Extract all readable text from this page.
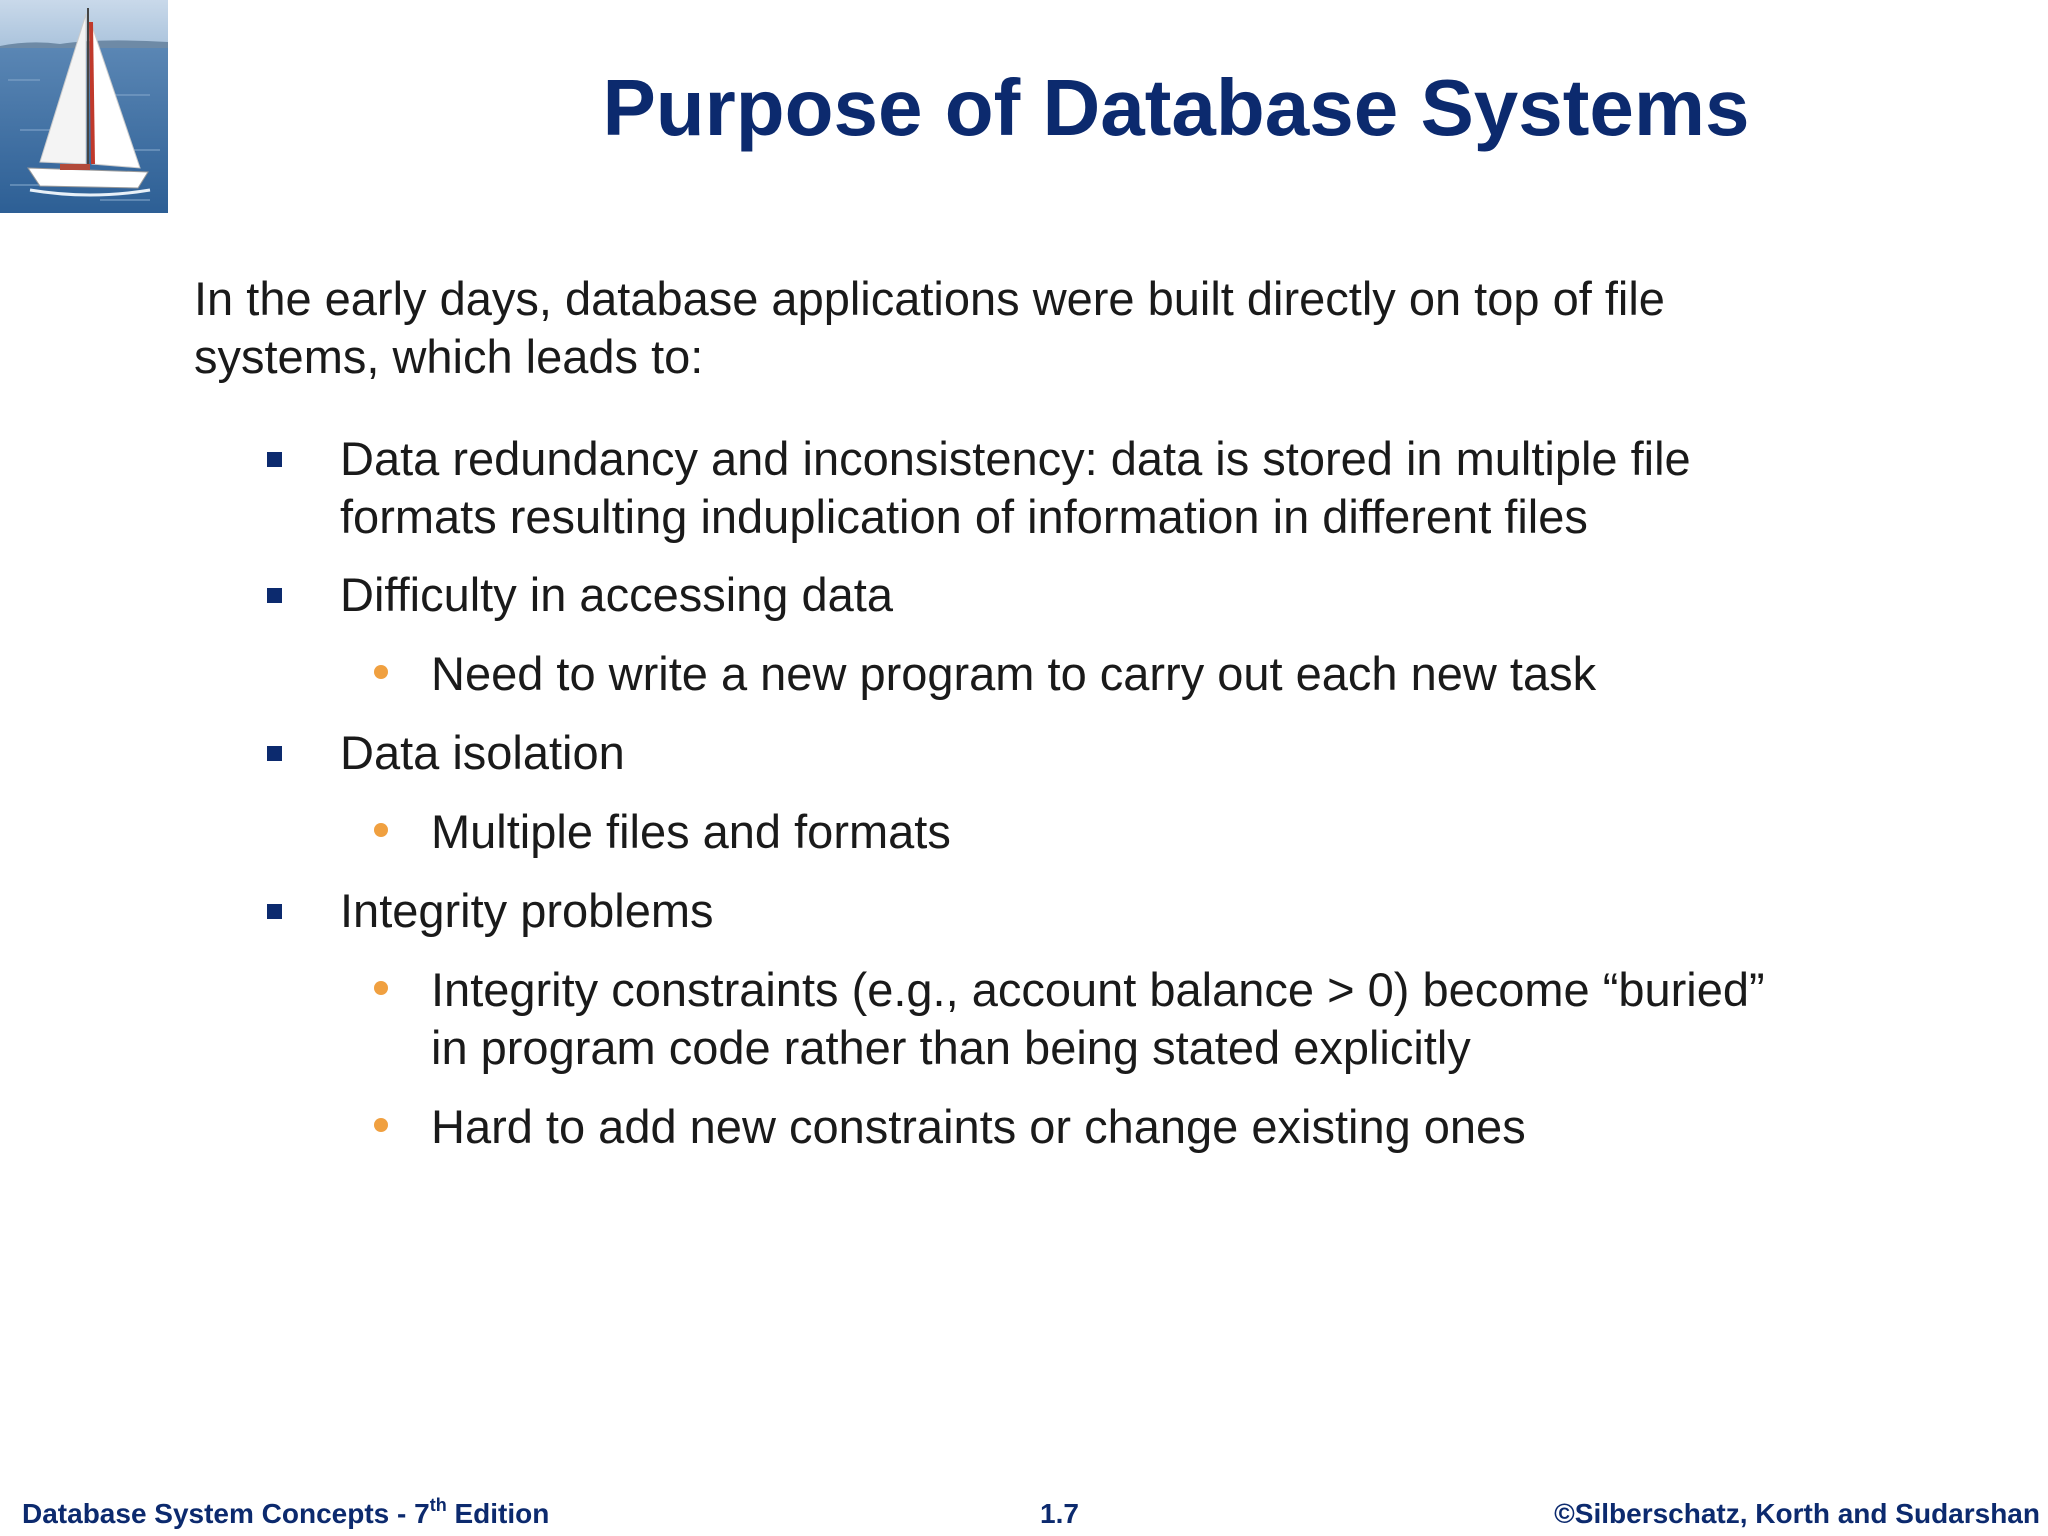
Purpose of Database Systems

In the early days, database applications were built directly on top of file systems, which leads to:

Data redundancy and inconsistency: data is stored in multiple file
formats resulting induplication of information in different files
Difficulty in accessing data
Need to write a new program to carry out each new task
Data isolation
Multiple files and formats
Integrity problems
Integrity constraints (e.g., account balance > 0) become “buried”
in program code rather than being stated explicitly
Hard to add new constraints or change existing ones
Database System Concepts - 7th Edition	1.7	©Silberschatz, Korth and Sudarshan
